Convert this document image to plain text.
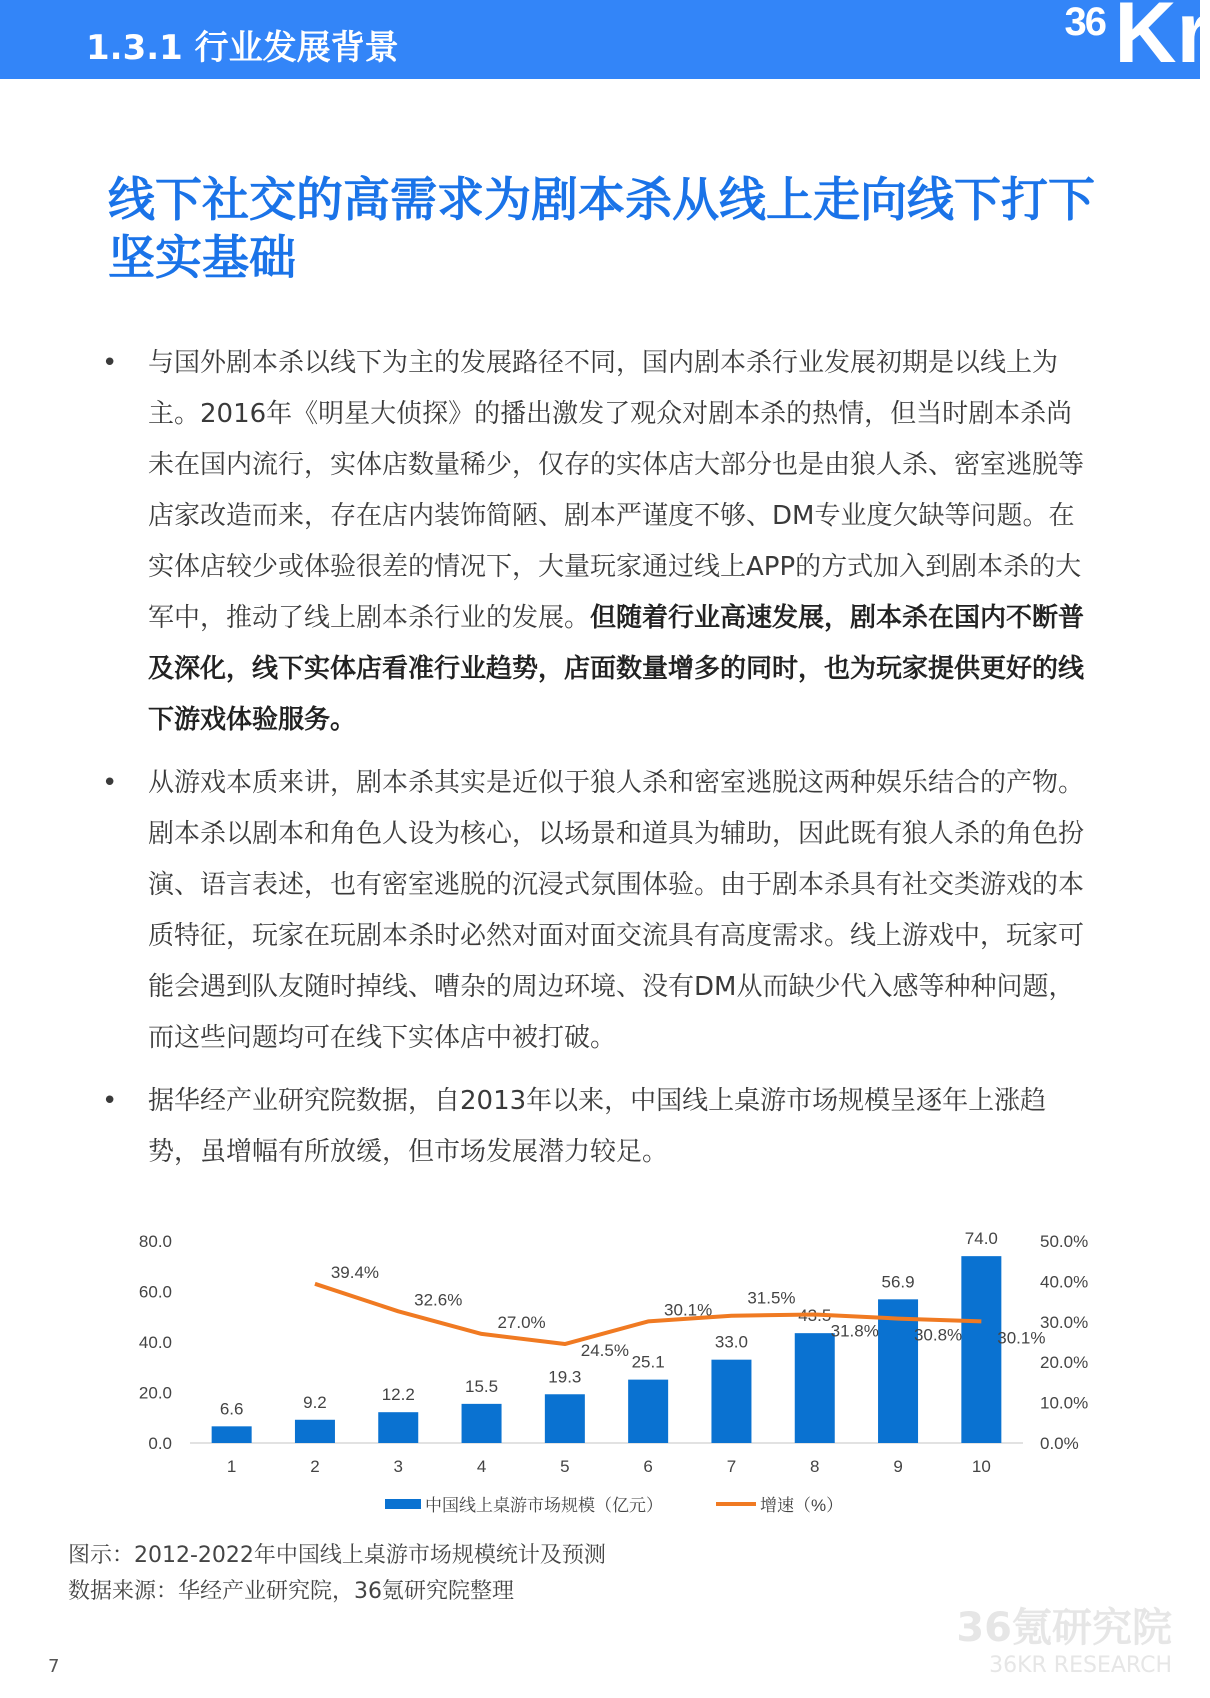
1.3.1 行业发展背景
36 Kr
线下社交的高需求为剧本杀从线上走向线下打下坚实基础
• 与国外剧本杀以线下为主的发展路径不同，国内剧本杀行业发展初期是以线上为主。2016年《明星大侦探》的播出激发了观众对剧本杀的热情，但当时剧本杀尚未在国内流行，实体店数量稀少，仅存的实体店大部分也是由狼人杀、密室逃脱等店家改造而来，存在店内装饰简陋、剧本严谨度不够、DM专业度欠缺等问题。在实体店较少或体验很差的情况下，大量玩家通过线上APP的方式加入到剧本杀的大军中，推动了线上剧本杀行业的发展。但随着行业高速发展，剧本杀在国内不断普及深化，线下实体店看准行业趋势，店面数量增多的同时，也为玩家提供更好的线下游戏体验服务。
• 从游戏本质来讲，剧本杀其实是近似于狼人杀和密室逃脱这两种娱乐结合的产物。剧本杀以剧本和角色人设为核心，以场景和道具为辅助，因此既有狼人杀的角色扮演、语言表述，也有密室逃脱的沉浸式氛围体验。由于剧本杀具有社交类游戏的本质特征，玩家在玩剧本杀时必然对面对面交流具有高度需求。线上游戏中，玩家可能会遇到队友随时掉线、嘈杂的周边环境、没有DM从而缺少代入感等种种问题，而这些问题均可在线下实体店中被打破。
• 据华经产业研究院数据，自2013年以来，中国线上桌游市场规模呈逐年上涨趋势，虽增幅有所放缓，但市场发展潜力较足。
0.0
20.0
40.0
60.0
80.0
0.0%
10.0%
20.0%
30.0%
40.0%
50.0%
6.6
1
9.2
2
12.2
3
15.5
4
19.3
5
25.1
6
33.0
7
43.5
8
56.9
9
74.0
10
39.4%
32.6%
27.0%
24.5%
30.1%
31.5%
31.8% 30.8% 30.1%
中国线上桌游市场规模（亿元）	增速（%）
图示：2012-2022年中国线上桌游市场规模统计及预测
数据来源：华经产业研究院，36氪研究院整理
36氪研究院
36KR RESEARCH
7
